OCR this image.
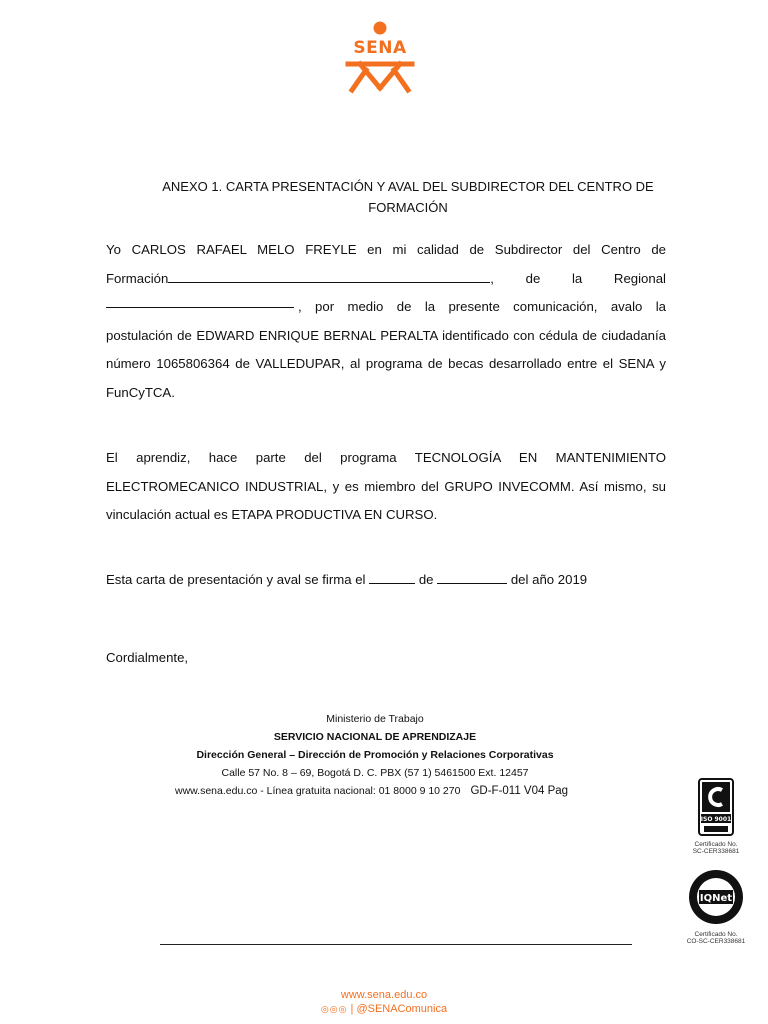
SENA
ANEXO 1. CARTA PRESENTACIÓN Y AVAL DEL SUBDIRECTOR DEL CENTRO DE
FORMACIÓN
Yo CARLOS RAFAEL MELO FREYLE en mi calidad de Subdirector del Centro de
Formación	, de la Regional
, por medio de la presente comunicación, avalo la
postulación de EDWARD ENRIQUE BERNAL PERALTA identificado con cédula de ciudadanía
número 1065806364 de VALLEDUPAR, al programa de becas desarrollado entre el SENA y
FunCyTCA.
El aprendiz, hace parte del programa TECNOLOGÍA EN MANTENIMIENTO
ELECTROMECANICO INDUSTRIAL, y es miembro del GRUPO INVECOMM. Así mismo, su
vinculación actual es ETAPA PRODUCTIVA EN CURSO.
Esta carta de presentación y aval se firma el	de	del año 2019
Cordialmente,
Ministerio de Trabajo
SERVICIO NACIONAL DE APRENDIZAJE
Dirección General – Dirección de Promoción y Relaciones Corporativas
Calle 57 No. 8 – 69, Bogotá D. C. PBX (57 1) 5461500 Ext. 12457
www.sena.edu.co - Línea gratuita nacional: 01 8000 9 10 270 GD-F-011 V04 Pag
ISO 9001
Certificado No.
SC-CER338681
IQNet
Certificado No.
CO-SC-CER338681
www.sena.edu.co
◎◎◎ | @SENAComunica
